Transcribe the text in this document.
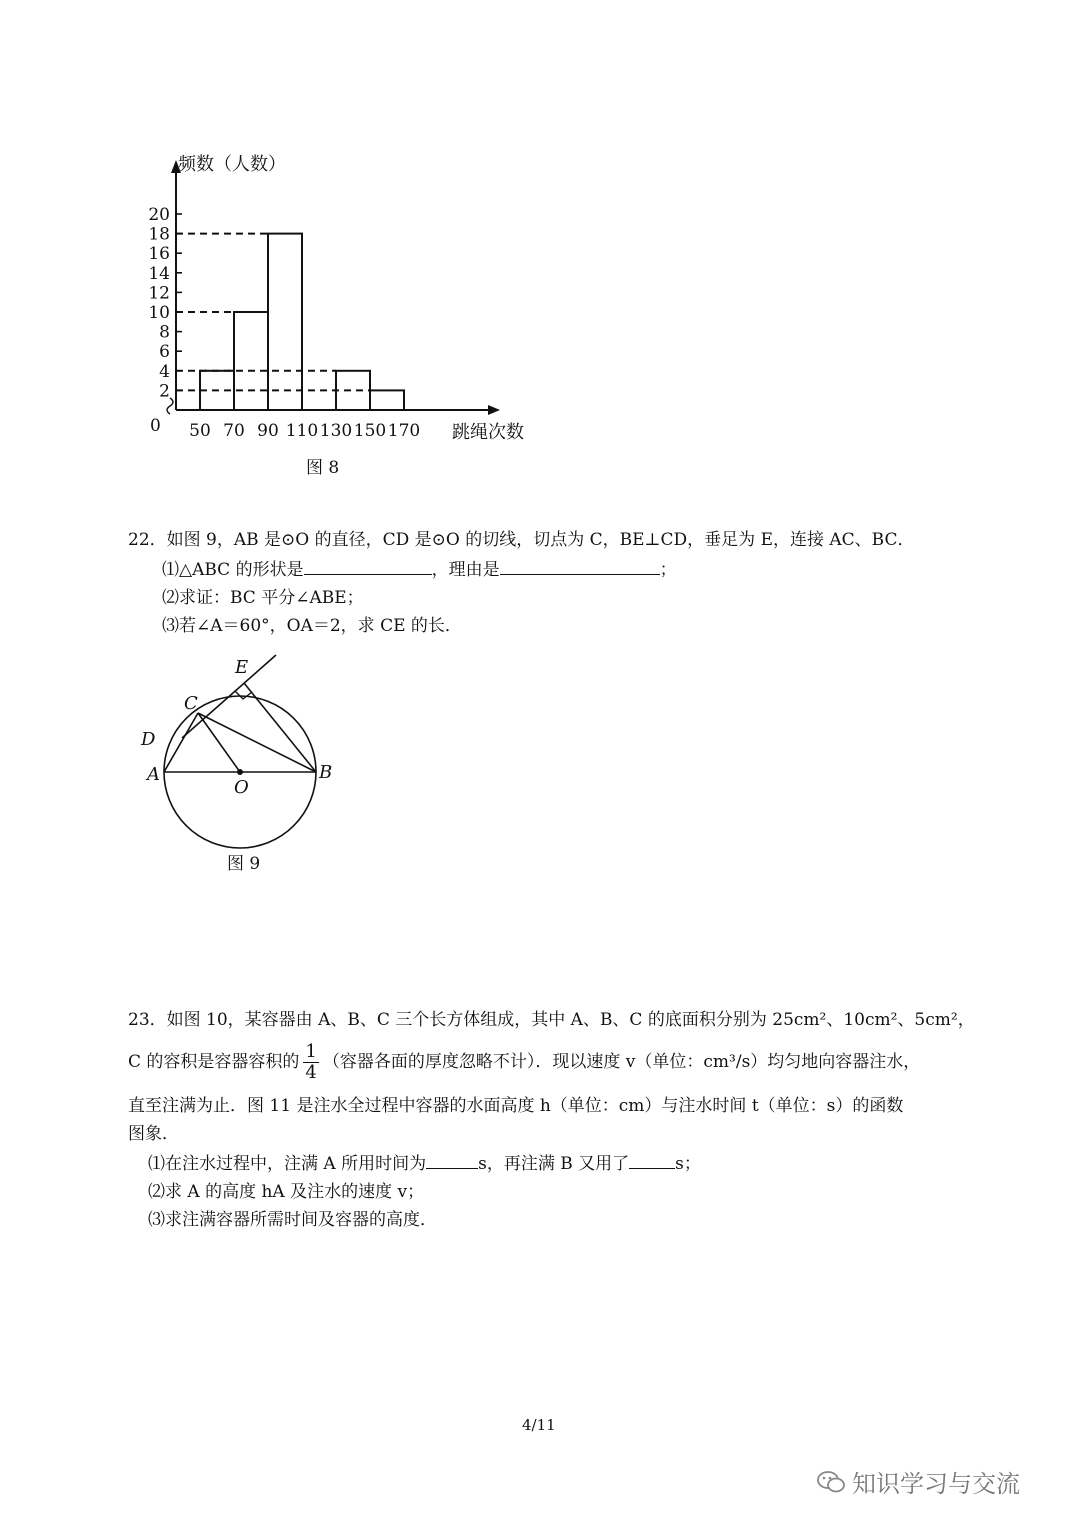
0
2
4
6
8
10
12
14
16
18
20
50 70 90 110 130 150 170
频数（人数）
跳绳次数
图 8
22．如图 9，AB 是⊙O 的直径，CD 是⊙O 的切线，切点为 C，BE⊥CD，垂足为 E，连接 AC、BC．
⑴△ABC 的形状是	，理由是	；
⑵求证：BC 平分∠ABE；
⑶若∠A＝60°，OA＝2，求 CE 的长．
A	B
C
D
E
O
图 9
23．如图 10，某容器由 A、B、C 三个长方体组成，其中 A、B、C 的底面积分别为 25cm²、10cm²、5cm²，
C 的容积是容器容积的 $\frac{1}{4}$ （容器各面的厚度忽略不计）．现以速度 v（单位：cm³/s）均匀地向容器注水，
直至注满为止．图 11 是注水全过程中容器的水面高度 h（单位：cm）与注水时间 t（单位：s）的函数
图象．
⑴在注水过程中，注满 A 所用时间为	s，再注满 B 又用了	s；
⑵求 A 的高度 hA 及注水的速度 v；
⑶求注满容器所需时间及容器的高度．
4/11
知识学习与交流
